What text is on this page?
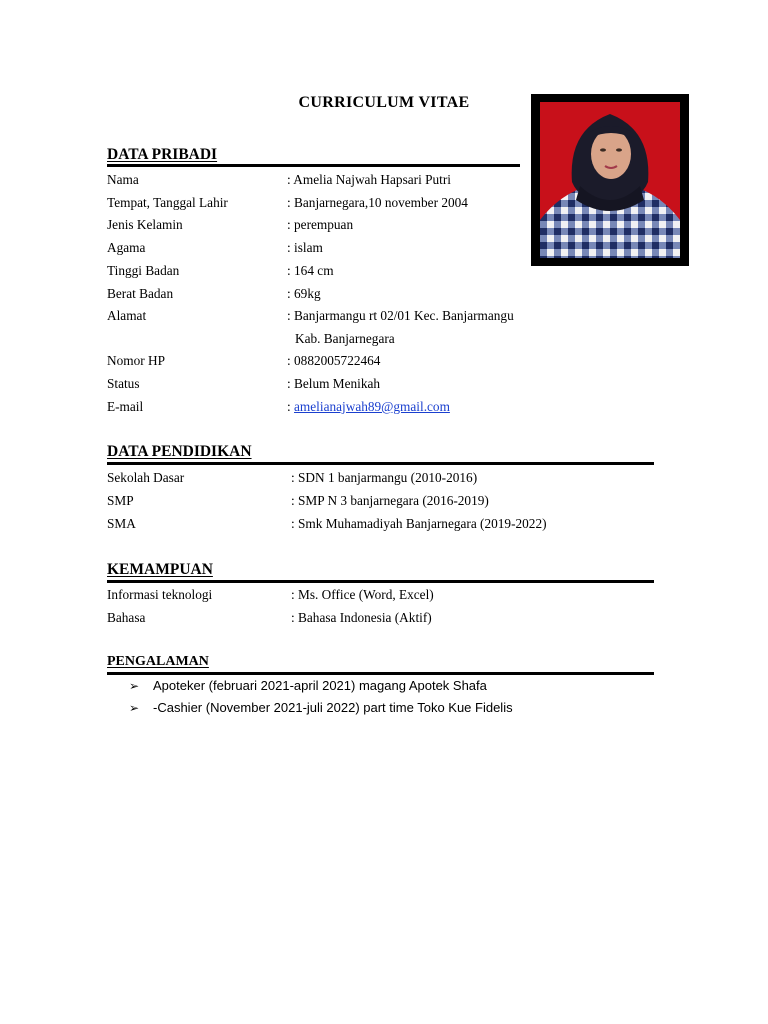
CURRICULUM VITAE
DATA PRIBADI
Nama	: Amelia Najwah Hapsari Putri
Tempat, Tanggal Lahir	: Banjarnegara,10 november 2004
Jenis Kelamin	: perempuan
Agama	: islam
Tinggi Badan	: 164 cm
Berat Badan	: 69kg
Alamat	: Banjarmangu rt 02/01 Kec. Banjarmangu
Kab. Banjarnegara
Nomor HP	: 0882005722464
Status	: Belum Menikah
E-mail	: amelianajwah89@gmail.com
DATA PENDIDIKAN
Sekolah Dasar	: SDN 1 banjarmangu (2010-2016)
SMP	: SMP N 3 banjarnegara (2016-2019)
SMA	: Smk Muhamadiyah Banjarnegara (2019-2022)
KEMAMPUAN
Informasi teknologi	: Ms. Office (Word, Excel)
Bahasa	: Bahasa Indonesia (Aktif)
PENGALAMAN
➢ Apoteker (februari 2021-april 2021) magang Apotek Shafa
➢ -Cashier (November 2021-juli 2022) part time Toko Kue Fidelis
